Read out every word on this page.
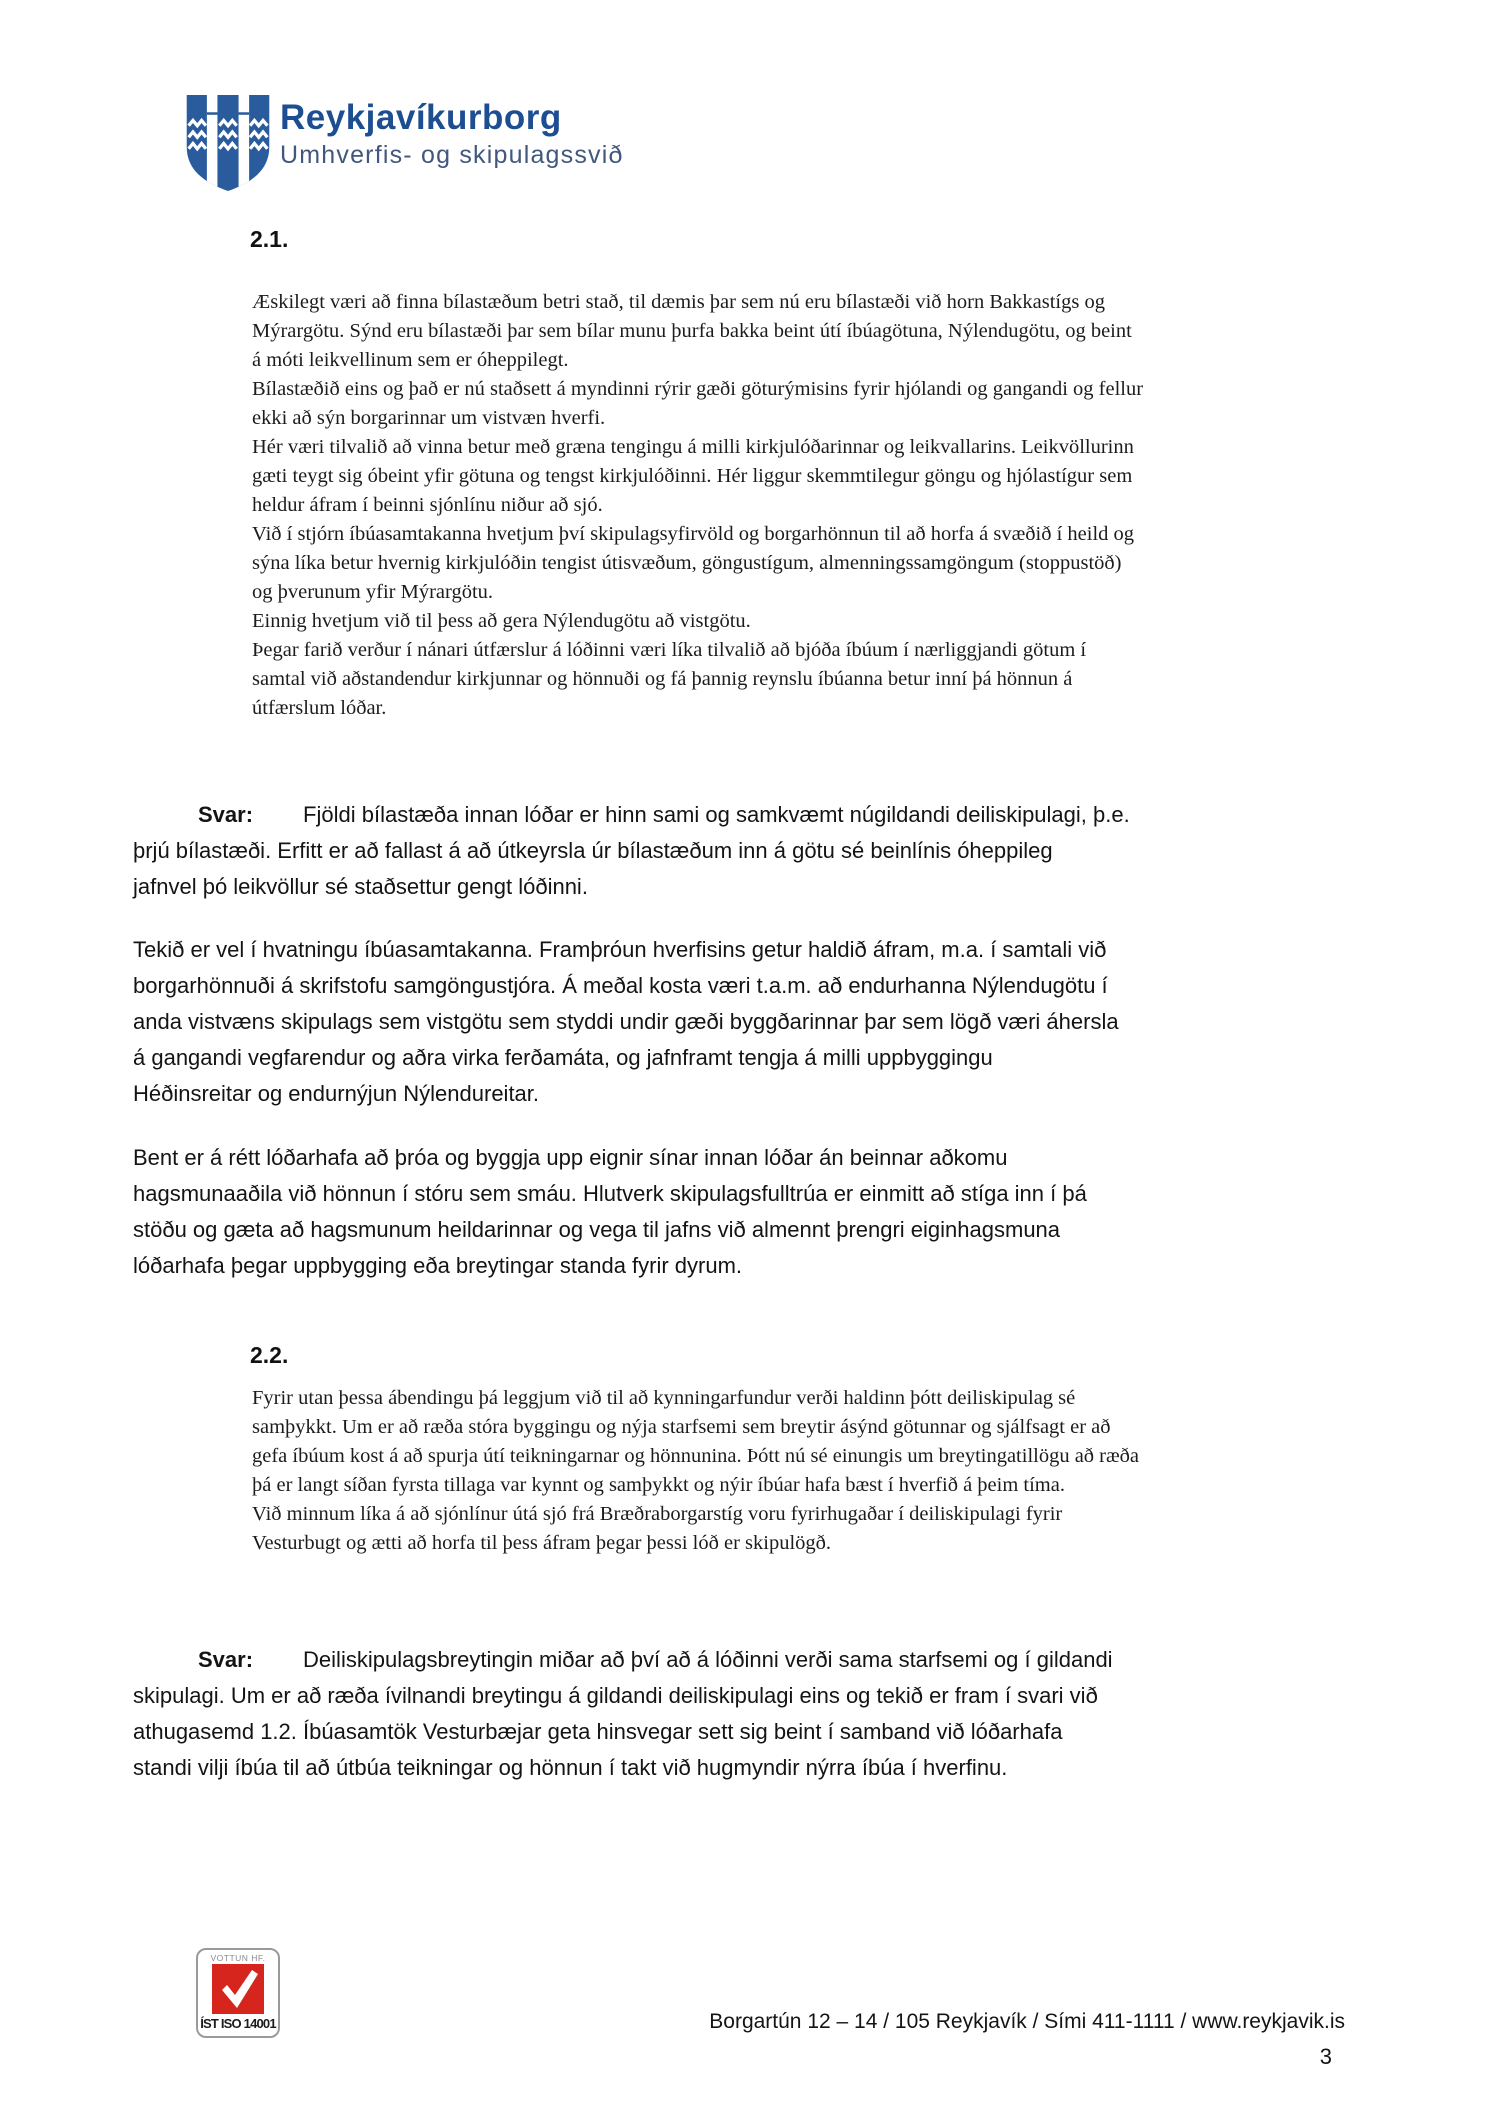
Reykjavíkurborg
Umhverfis- og skipulagssvið
2.1.
Æskilegt væri að finna bílastæðum betri stað, til dæmis þar sem nú eru bílastæði við horn Bakkastígs og
Mýrargötu. Sýnd eru bílastæði þar sem bílar munu þurfa bakka beint útí íbúagötuna, Nýlendugötu, og beint
á móti leikvellinum sem er óheppilegt.
Bílastæðið eins og það er nú staðsett á myndinni rýrir gæði göturýmisins fyrir hjólandi og gangandi og fellur
ekki að sýn borgarinnar um vistvæn hverfi.
Hér væri tilvalið að vinna betur með græna tengingu á milli kirkjulóðarinnar og leikvallarins. Leikvöllurinn
gæti teygt sig óbeint yfir götuna og tengst kirkjulóðinni. Hér liggur skemmtilegur göngu og hjólastígur sem
heldur áfram í beinni sjónlínu niður að sjó.
Við í stjórn íbúasamtakanna hvetjum því skipulagsyfirvöld og borgarhönnun til að horfa á svæðið í heild og
sýna líka betur hvernig kirkjulóðin tengist útisvæðum, göngustígum, almenningssamgöngum (stoppustöð)
og þverunum yfir Mýrargötu.
Einnig hvetjum við til þess að gera Nýlendugötu að vistgötu.
Þegar farið verður í nánari útfærslur á lóðinni væri líka tilvalið að bjóða íbúum í nærliggjandi götum í
samtal við aðstandendur kirkjunnar og hönnuði og fá þannig reynslu íbúanna betur inní þá hönnun á
útfærslum lóðar.
Svar: Fjöldi bílastæða innan lóðar er hinn sami og samkvæmt núgildandi deiliskipulagi, þ.e.
þrjú bílastæði. Erfitt er að fallast á að útkeyrsla úr bílastæðum inn á götu sé beinlínis óheppileg
jafnvel þó leikvöllur sé staðsettur gengt lóðinni.
Tekið er vel í hvatningu íbúasamtakanna. Framþróun hverfisins getur haldið áfram, m.a. í samtali við
borgarhönnuði á skrifstofu samgöngustjóra. Á meðal kosta væri t.a.m. að endurhanna Nýlendugötu í
anda vistvæns skipulags sem vistgötu sem styddi undir gæði byggðarinnar þar sem lögð væri áhersla
á gangandi vegfarendur og aðra virka ferðamáta, og jafnframt tengja á milli uppbyggingu
Héðinsreitar og endurnýjun Nýlendureitar.
Bent er á rétt lóðarhafa að þróa og byggja upp eignir sínar innan lóðar án beinnar aðkomu
hagsmunaaðila við hönnun í stóru sem smáu. Hlutverk skipulagsfulltrúa er einmitt að stíga inn í þá
stöðu og gæta að hagsmunum heildarinnar og vega til jafns við almennt þrengri eiginhagsmuna
lóðarhafa þegar uppbygging eða breytingar standa fyrir dyrum.
2.2.
Fyrir utan þessa ábendingu þá leggjum við til að kynningarfundur verði haldinn þótt deiliskipulag sé
samþykkt. Um er að ræða stóra byggingu og nýja starfsemi sem breytir ásýnd götunnar og sjálfsagt er að
gefa íbúum kost á að spurja útí teikningarnar og hönnunina. Þótt nú sé einungis um breytingatillögu að ræða
þá er langt síðan fyrsta tillaga var kynnt og samþykkt og nýir íbúar hafa bæst í hverfið á þeim tíma.
Við minnum líka á að sjónlínur útá sjó frá Bræðraborgarstíg voru fyrirhugaðar í deiliskipulagi fyrir
Vesturbugt og ætti að horfa til þess áfram þegar þessi lóð er skipulögð.
Svar: Deiliskipulagsbreytingin miðar að því að á lóðinni verði sama starfsemi og í gildandi
skipulagi. Um er að ræða ívilnandi breytingu á gildandi deiliskipulagi eins og tekið er fram í svari við
athugasemd 1.2. Íbúasamtök Vesturbæjar geta hinsvegar sett sig beint í samband við lóðarhafa
standi vilji íbúa til að útbúa teikningar og hönnun í takt við hugmyndir nýrra íbúa í hverfinu.
VOTTUN HF.
ÍST ISO 14001	Borgartún 12 – 14 / 105 Reykjavík / Sími 411-1111 / www.reykjavik.is
3
